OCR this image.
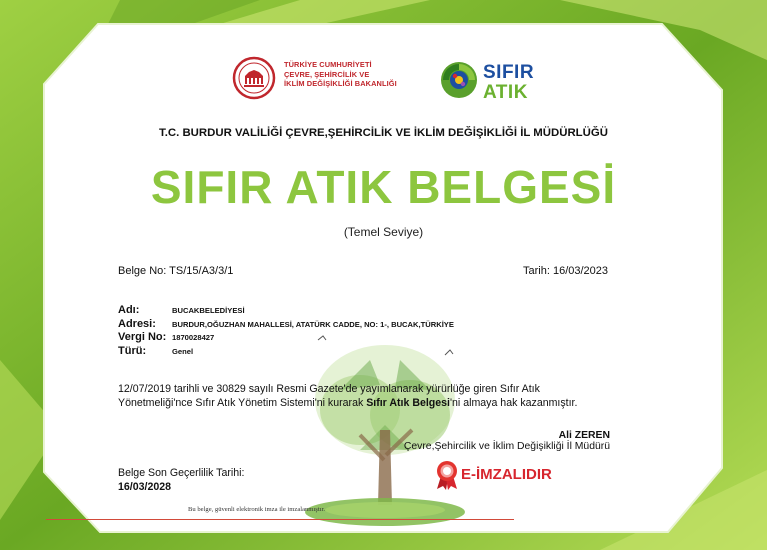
TÜRKİYE CUMHURİYETİ
ÇEVRE, ŞEHİRCİLİK VE
İKLİM DEĞİŞİKLİĞİ BAKANLIĞI
SIFIR
ATIK
T.C. BURDUR VALİLİĞİ ÇEVRE,ŞEHİRCİLİK VE İKLİM DEĞİŞİKLİĞİ İL MÜDÜRLÜĞÜ
SIFIR ATIK BELGESİ
(Temel Seviye)
Belge No: TS/15/A3/3/1	Tarih: 16/03/2023
Adı:	BUCAKBELEDİYESİ
Adresi: BURDUR,OĞUZHAN MAHALLESİ, ATATÜRK CADDE, NO: 1-, BUCAK,TÜRKİYE
Vergi No: 1870028427
Türü:	Genel
12/07/2019 tarihli ve 30829 sayılı Resmi Gazete'de yayımlanarak yürürlüğe giren Sıfır Atık
Yönetmeliği'nce Sıfır Atık Yönetim Sistemi'ni kurarak Sıfır Atık Belgesi'ni almaya hak kazanmıştır.
Ali ZEREN
Çevre,Şehircilik ve İklim Değişikliği İl Müdürü
Belge Son Geçerlilik Tarihi:
16/03/2028
E-İMZALIDIR
Bu belge, güvenli elektronik imza ile imzalanmıştır.
